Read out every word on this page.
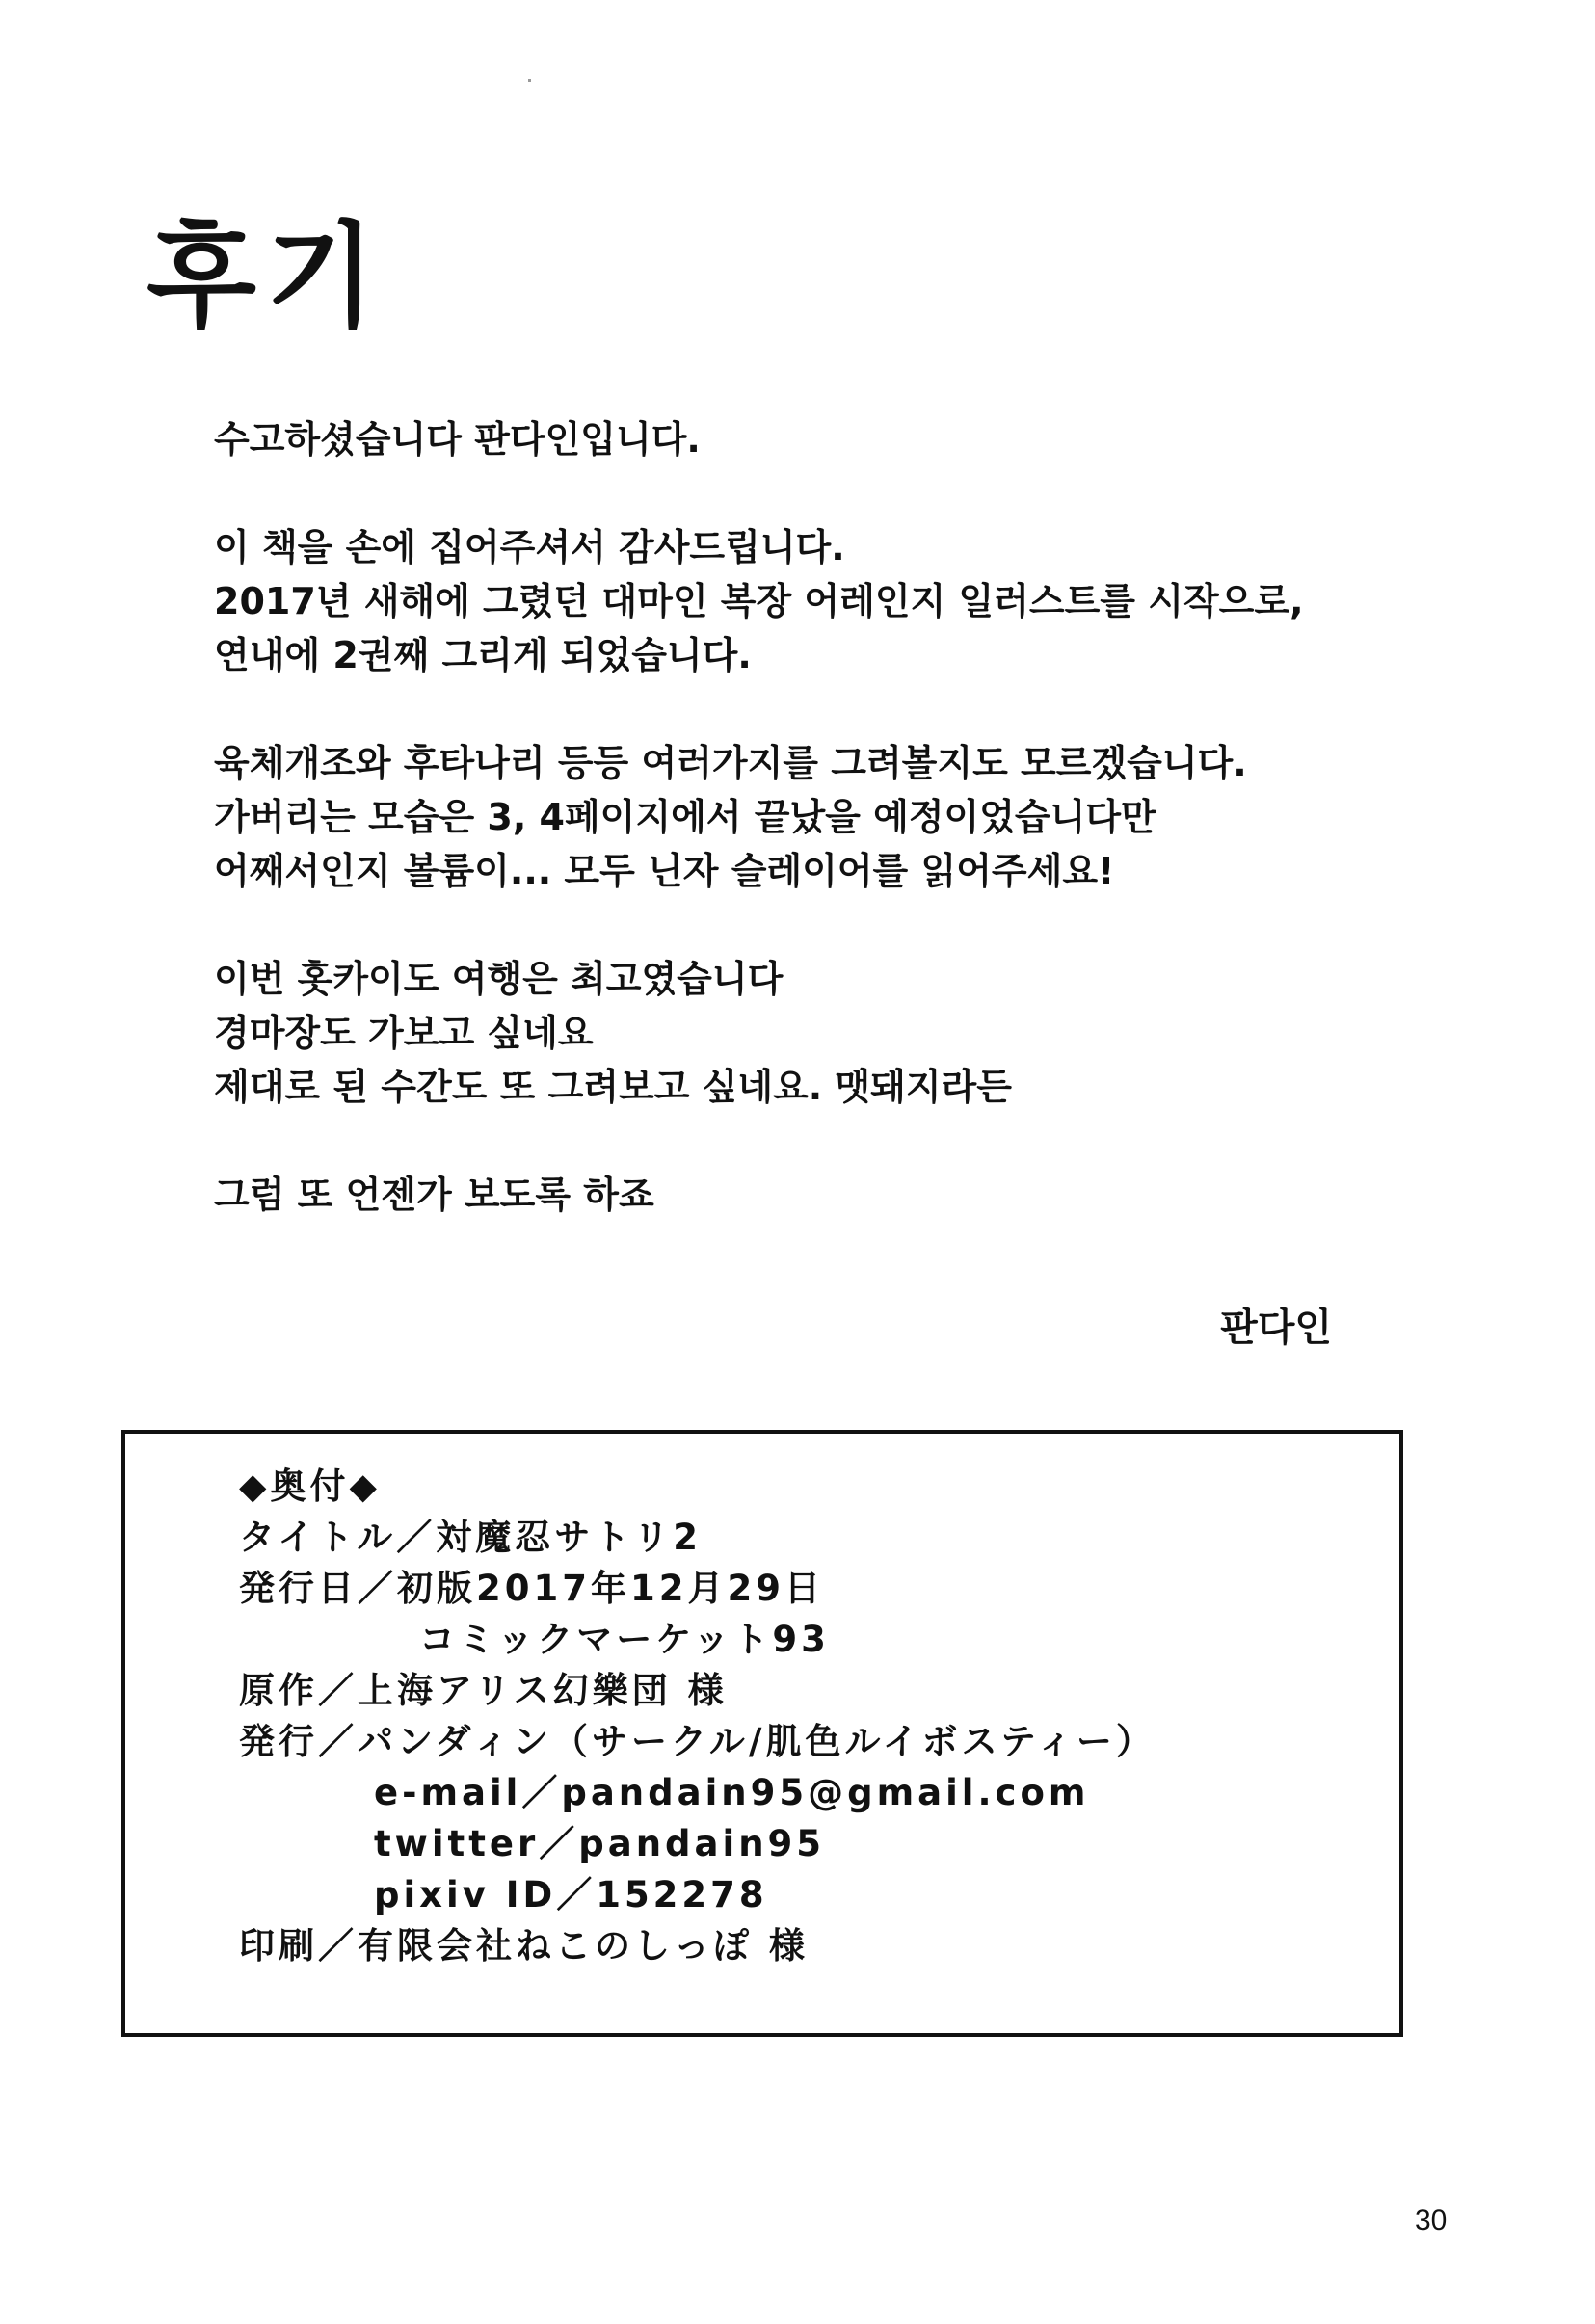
후기
수고하셨습니다 판다인입니다.
이 책을 손에 집어주셔서 감사드립니다.
2017년 새해에 그렸던 대마인 복장 어레인지 일러스트를 시작으로,
연내에 2권째 그리게 되었습니다.
육체개조와 후타나리 등등 여러가지를 그려볼지도 모르겠습니다.
가버리는 모습은 3, 4페이지에서 끝났을 예정이었습니다만
어째서인지 볼륨이... 모두 닌자 슬레이어를 읽어주세요!
이번 홋카이도 여행은 최고였습니다
경마장도 가보고 싶네요
제대로 된 수간도 또 그려보고 싶네요. 맷돼지라든
그럼 또 언젠가 보도록 하죠
판다인
◆奥付◆
タイトル／ 対魔忍サトリ2
発行日／ 初版2017年12月29日
コミックマーケット93
原作／ 上海アリス幻樂団 様
発行／ パンダィン（サークル/肌色ルイボスティー）
e-mail／pandain95@gmail.com
twitter／pandain95
pixiv ID／152278
印刷／ 有限会社ねこのしっぽ 様
30
